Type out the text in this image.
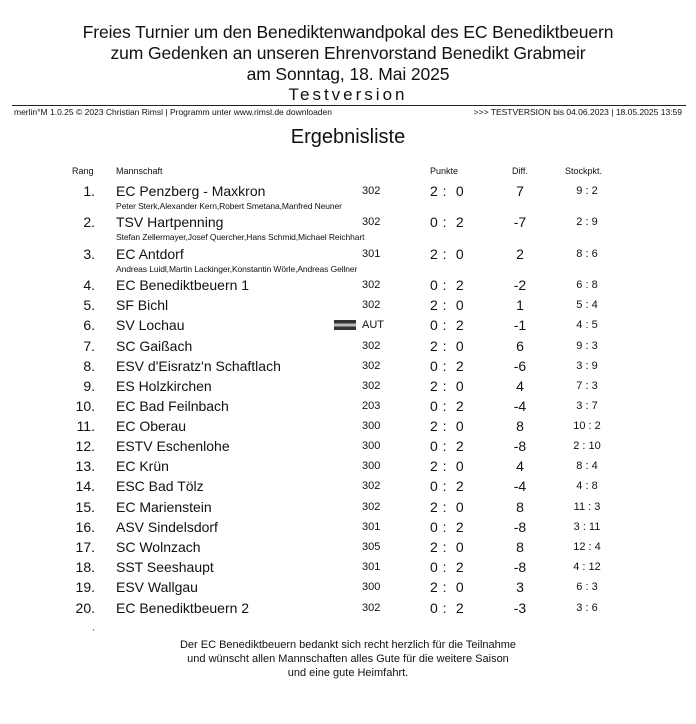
Freies Turnier um den Benediktenwandpokal des EC Benediktbeuern
zum Gedenken an unseren Ehrenvorstand Benedikt Grabmeir
am Sonntag, 18. Mai 2025
Testversion
merlin°M 1.0.25 © 2023 Christian Rimsl | Programm unter www.rimsl.de downloaden	>>> TESTVERSION bis 04.06.2023 | 18.05.2025 13:59
Ergebnisliste
Rang Mannschaft	Punkte	Diff.	Stockpkt.
1. EC Penzberg - Maxkron
Peter Sterk,Alexander Kern,Robert Smetana,Manfred Neuner
302	2 :  0	7	9 : 2
2. TSV Hartpenning
Stefan Zellermayer,Josef Quercher,Hans Schmid,Michael Reichhart
302	0 :  2	-7	2 : 9
3. EC Antdorf
Andreas Luidl,Martin Lackinger,Konstantin Wörle,Andreas Gellner
301	2 :  0	2	8 : 6
4. EC Benediktbeuern 1	302	0 :  2	-2	6 : 8
5. SF Bichl	302	2 :  0	1	5 : 4
6. SV Lochau	AUT	0 :  2	-1	4 : 5
7. SC Gaißach	302	2 :  0	6	9 : 3
8. ESV d'Eisratz'n Schaftlach	302	0 :  2	-6	3 : 9
9. ES Holzkirchen	302	2 :  0	4	7 : 3
10. EC Bad Feilnbach	203	0 :  2	-4	3 : 7
11. EC Oberau	300	2 :  0	8	10 : 2
12. ESTV Eschenlohe	300	0 :  2	-8	2 : 10
13. EC Krün	300	2 :  0	4	8 : 4
14. ESC Bad Tölz	302	0 :  2	-4	4 : 8
15. EC Marienstein	302	2 :  0	8	11 : 3
16. ASV Sindelsdorf	301	0 :  2	-8	3 : 11
17. SC Wolnzach	305	2 :  0	8	12 : 4
18. SST Seeshaupt	301	0 :  2	-8	4 : 12
19. ESV Wallgau	300	2 :  0	3	6 : 3
20. EC Benediktbeuern 2	302	0 :  2	-3	3 : 6
'
Der EC Benediktbeuern bedankt sich recht herzlich für die Teilnahme
und wünscht allen Mannschaften alles Gute für die weitere Saison
und eine gute Heimfahrt.
